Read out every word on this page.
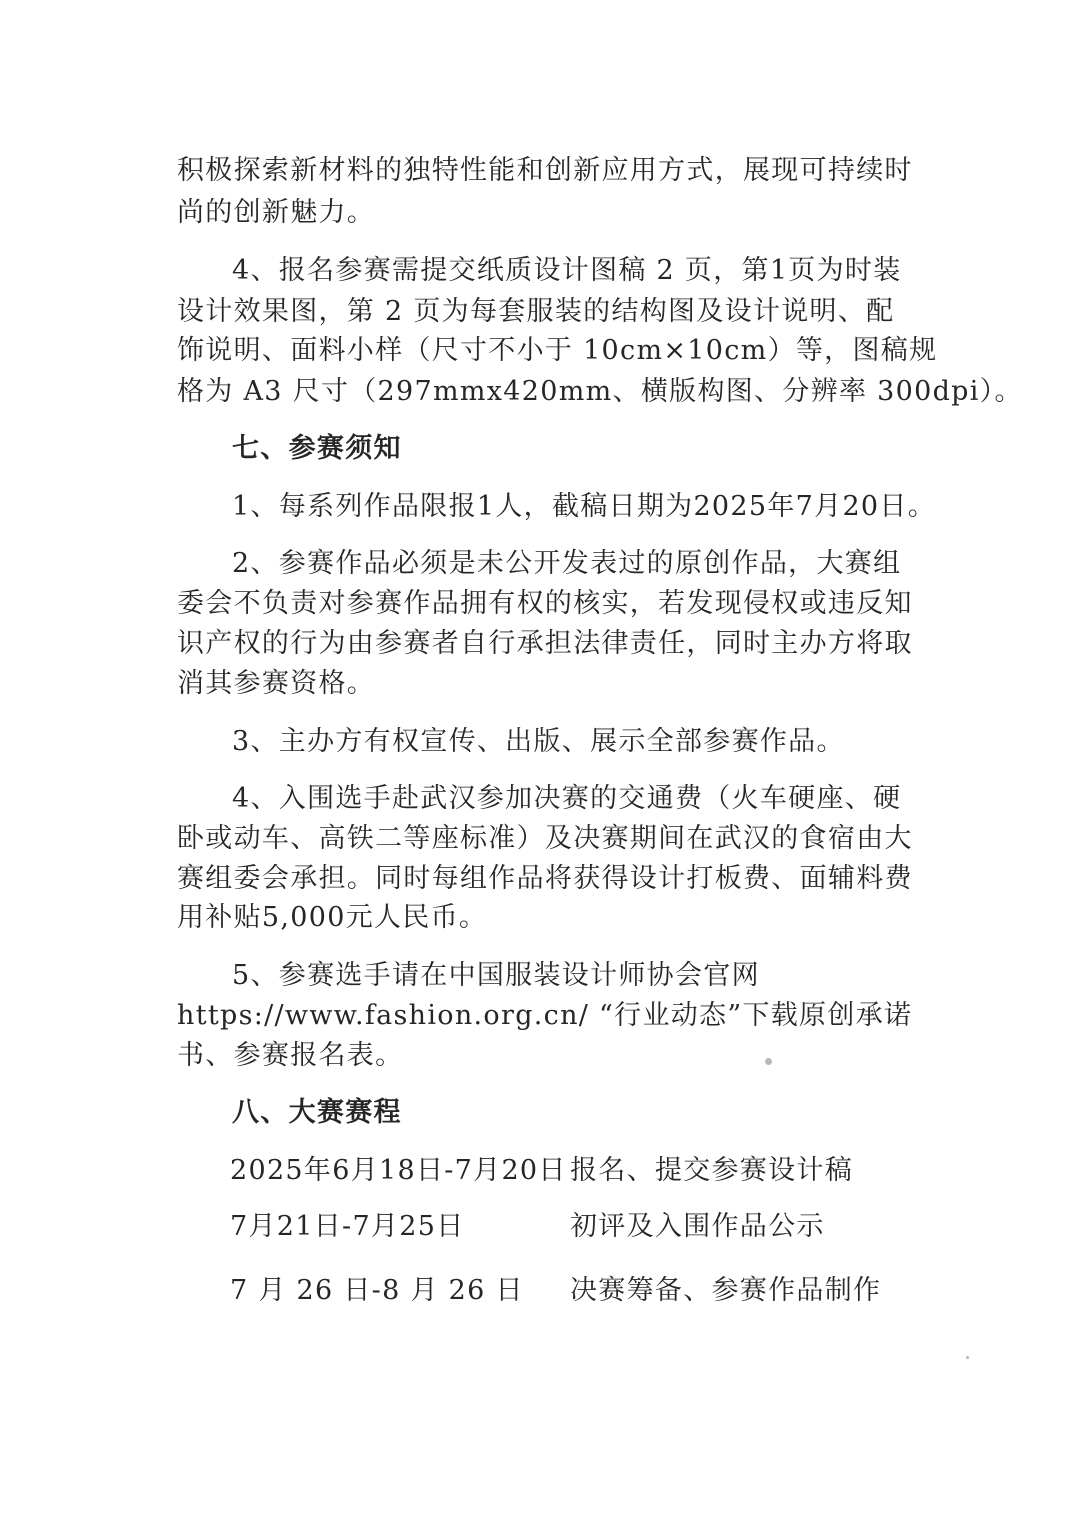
积极探索新材料的独特性能和创新应用方式，展现可持续时
尚的创新魅力。
4、报名参赛需提交纸质设计图稿 2 页，第1页为时装
设计效果图，第 2 页为每套服装的结构图及设计说明、配
饰说明、面料小样（尺寸不小于 10cm×10cm）等，图稿规
格为 A3 尺寸（297mmx420mm、横版构图、分辨率 300dpi）。
七、参赛须知
1、每系列作品限报1人，截稿日期为2025年7月20日。
2、参赛作品必须是未公开发表过的原创作品，大赛组
委会不负责对参赛作品拥有权的核实，若发现侵权或违反知
识产权的行为由参赛者自行承担法律责任，同时主办方将取
消其参赛资格。
3、主办方有权宣传、出版、展示全部参赛作品。
4、入围选手赴武汉参加决赛的交通费（火车硬座、硬
卧或动车、高铁二等座标准）及决赛期间在武汉的食宿由大
赛组委会承担。同时每组作品将获得设计打板费、面辅料费
用补贴5,000元人民币。
5、参赛选手请在中国服装设计师协会官网
https://www.fashion.org.cn/ “行业动态”下载原创承诺
书、参赛报名表。
八、大赛赛程
2025年6月18日-7月20日 报名、提交参赛设计稿
7月21日-7月25日	初评及入围作品公示
7 月 26 日-8 月 26 日 决赛筹备、参赛作品制作
